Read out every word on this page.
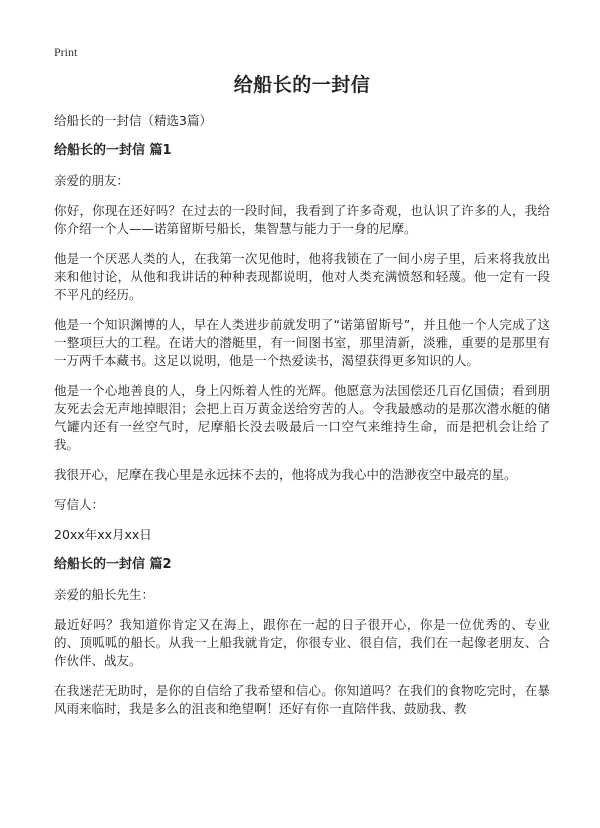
Print
给船长的一封信
给船长的一封信（精选3篇）
给船长的一封信 篇1

亲爱的朋友：

你好，你现在还好吗？在过去的一段时间，我看到了许多奇观，也认识了许多的人，我给你介绍一个人——诺第留斯号船长，集智慧与能力于一身的尼摩。

他是一个厌恶人类的人，在我第一次见他时，他将我锁在了一间小房子里，后来将我放出来和他讨论，从他和我讲话的种种表现都说明，他对人类充满愤怒和轻蔑。他一定有一段不平凡的经历。

他是一个知识渊博的人，早在人类进步前就发明了“诺第留斯号”，并且他一个人完成了这一整项巨大的工程。在诺大的潜艇里，有一间图书室，那里清新，淡雅，重要的是那里有一万两千本藏书。这足以说明，他是一个热爱读书，渴望获得更多知识的人。

他是一个心地善良的人，身上闪烁着人性的光辉。他愿意为法国偿还几百亿国债；看到朋友死去会无声地掉眼泪；会把上百万黄金送给穷苦的人。令我最感动的是那次潜水艇的储气罐内还有一丝空气时，尼摩船长没去吸最后一口空气来维持生命，而是把机会让给了我。

我很开心，尼摩在我心里是永远抹不去的，他将成为我心中的浩渺夜空中最亮的星。

写信人：

20xx年xx月xx日

给船长的一封信 篇2

亲爱的船长先生：

最近好吗？我知道你肯定又在海上，跟你在一起的日子很开心，你是一位优秀的、专业的、顶呱呱的船长。从我一上船我就肯定，你很专业、很自信，我们在一起像老朋友、合作伙伴、战友。

在我迷茫无助时，是你的自信给了我希望和信心。你知道吗？在我们的食物吃完时，在暴风雨来临时，我是多么的沮丧和绝望啊！还好有你一直陪伴我、鼓励我、教
